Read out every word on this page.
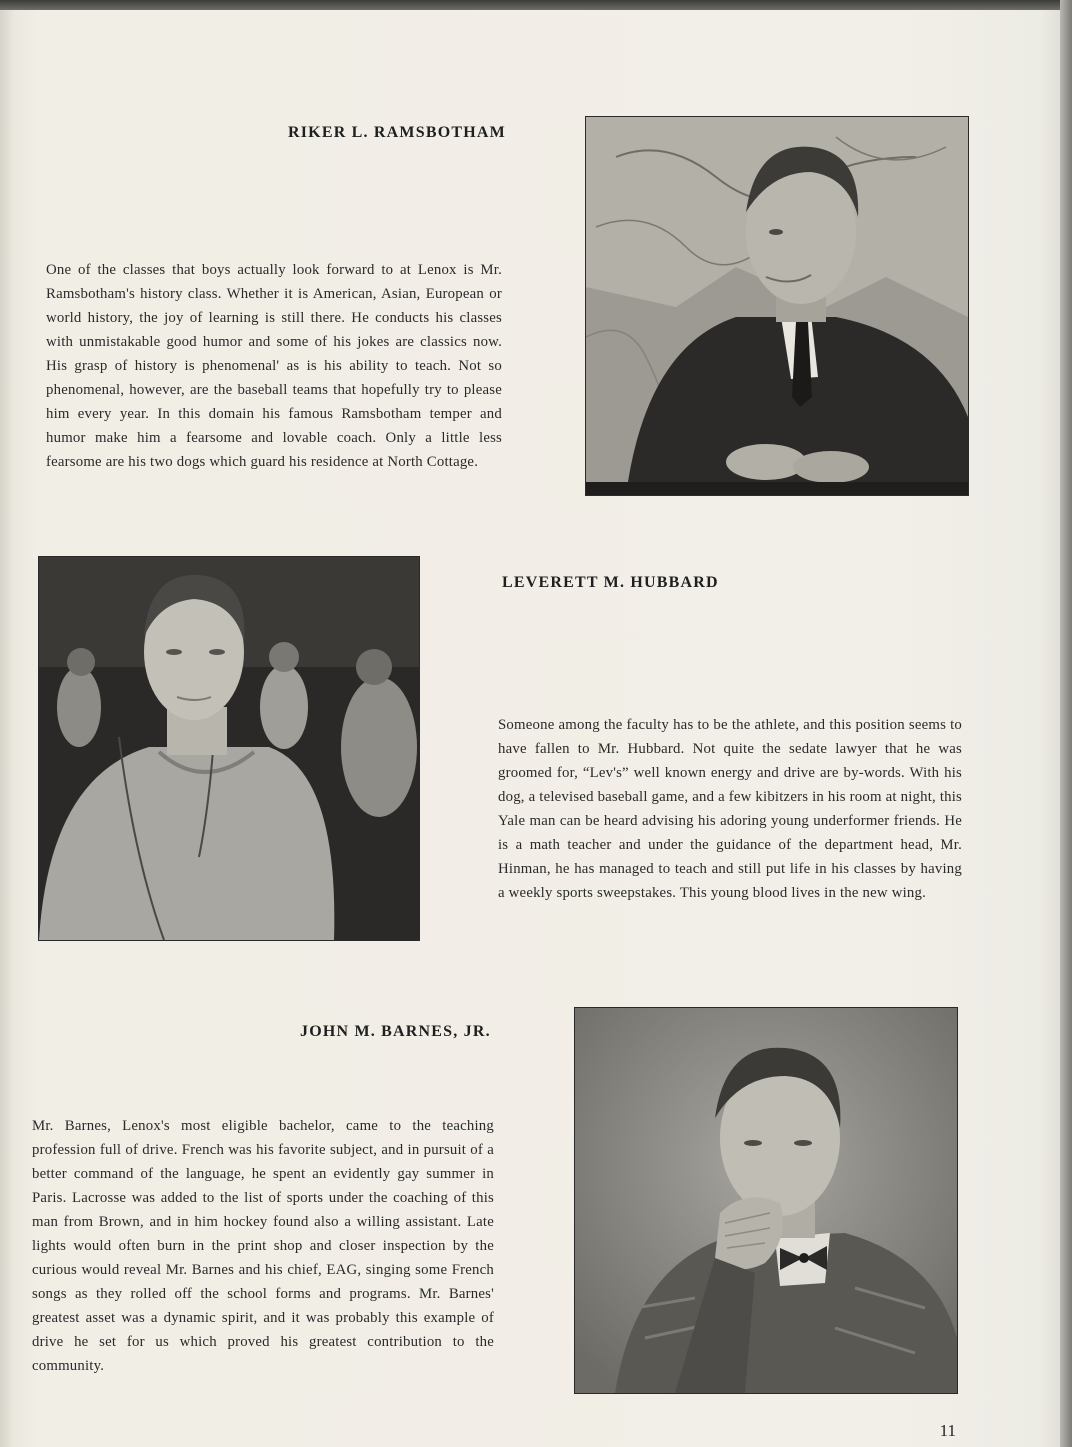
RIKER L. RAMSBOTHAM

One of the classes that boys actually look forward to at Lenox is Mr. Ramsbotham's history class. Whether it is American, Asian, European or world history, the joy of learning is still there. He conducts his classes with unmistakable good humor and some of his jokes are classics now. His grasp of history is phenomenal' as is his ability to teach. Not so phenomenal, however, are the baseball teams that hopefully try to please him every year. In this domain his famous Ramsbotham temper and humor make him a fearsome and lovable coach. Only a little less fearsome are his two dogs which guard his residence at North Cottage.

LEVERETT M. HUBBARD

Someone among the faculty has to be the athlete, and this position seems to have fallen to Mr. Hubbard. Not quite the sedate lawyer that he was groomed for, “Lev's” well known energy and drive are by-words. With his dog, a televised baseball game, and a few kibitzers in his room at night, this Yale man can be heard advising his adoring young underformer friends. He is a math teacher and under the guidance of the department head, Mr. Hinman, he has managed to teach and still put life in his classes by having a weekly sports sweepstakes. This young blood lives in the new wing.

JOHN M. BARNES, JR.

Mr. Barnes, Lenox's most eligible bachelor, came to the teaching profession full of drive. French was his favorite subject, and in pursuit of a better command of the language, he spent an evidently gay summer in Paris. Lacrosse was added to the list of sports under the coaching of this man from Brown, and in him hockey found also a willing assistant. Late lights would often burn in the print shop and closer inspection by the curious would reveal Mr. Barnes and his chief, EAG, singing some French songs as they rolled off the school forms and programs. Mr. Barnes' greatest asset was a dynamic spirit, and it was probably this example of drive he set for us which proved his greatest contribution to the community.

11
